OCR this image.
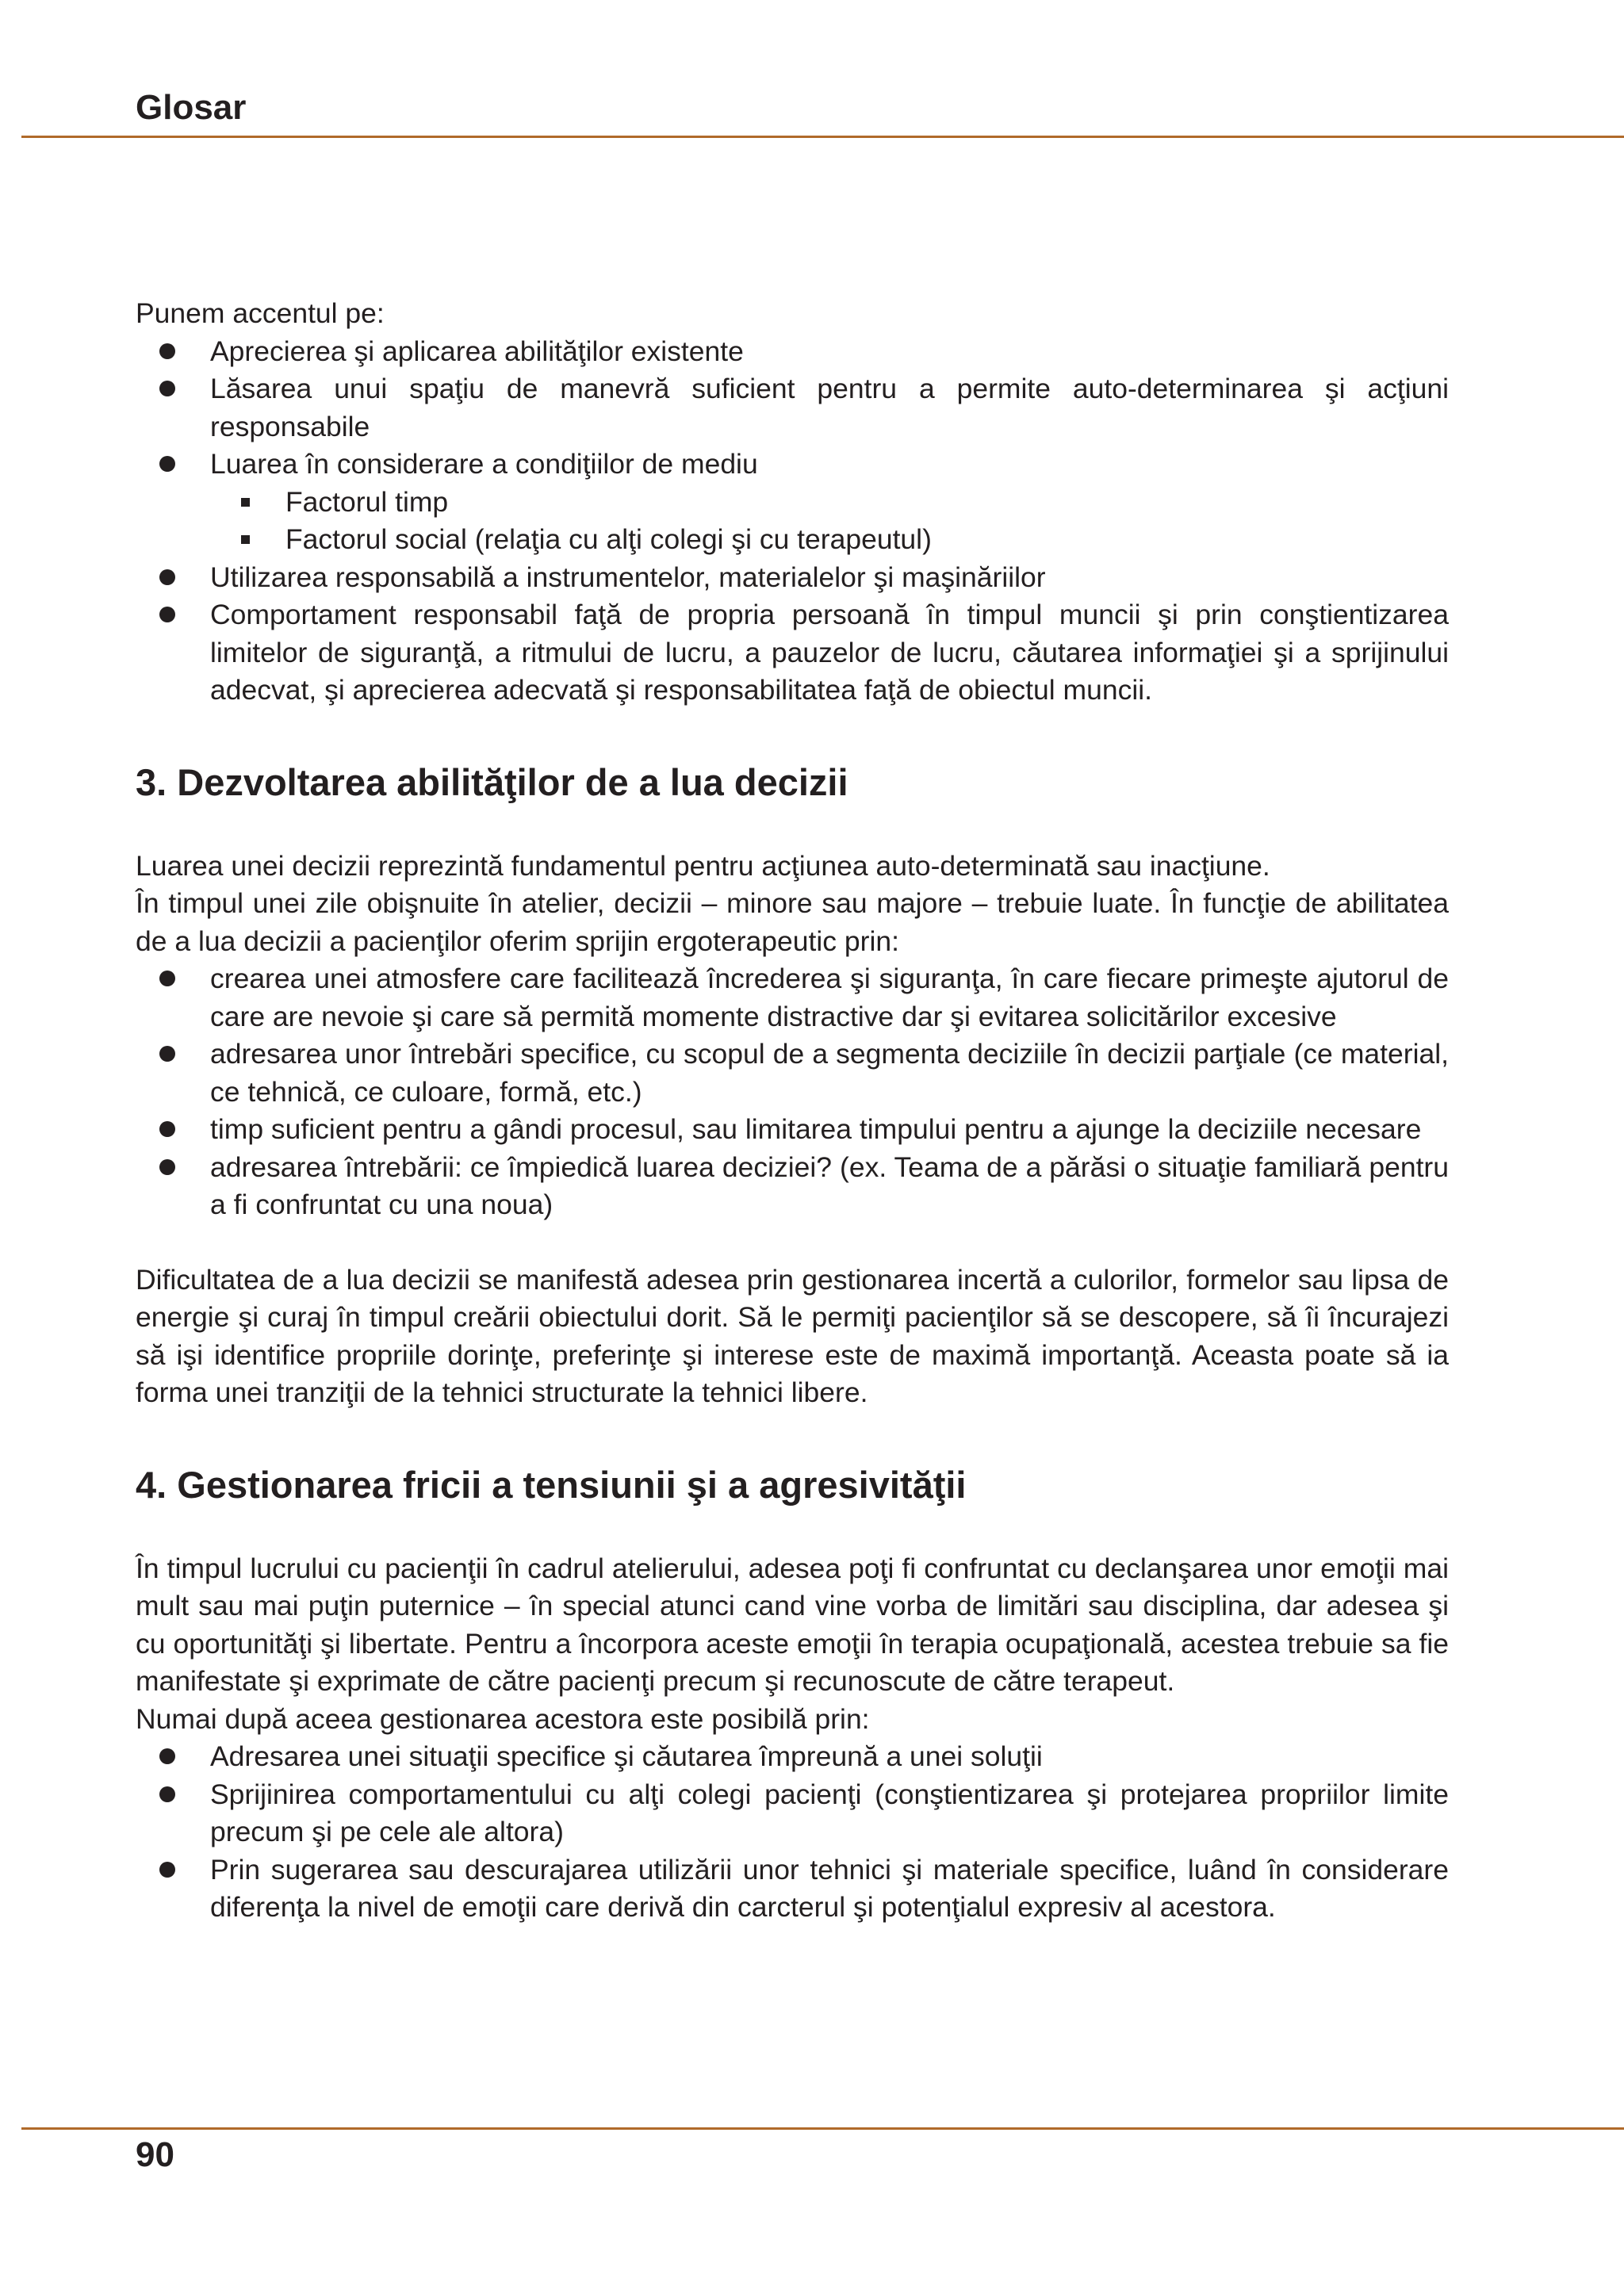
Glosar

Punem accentul pe:

Aprecierea şi aplicarea abilităţilor existente
Lăsarea unui spaţiu de manevră suficient pentru a permite auto-determinarea şi acţiuni responsabile
Luarea în considerare a condiţiilor de mediu
Factorul timp
Factorul social (relaţia cu alţi colegi şi cu terapeutul)
Utilizarea responsabilă a instrumentelor, materialelor şi maşinăriilor
Comportament responsabil faţă de propria persoană în timpul muncii şi prin conştientizarea limitelor de siguranţă, a ritmului de lucru, a pauzelor de lucru, căutarea informaţiei şi a sprijinului adecvat, şi aprecierea adecvată şi responsabilitatea faţă de obiectul muncii.
3. Dezvoltarea abilităţilor de a lua decizii

Luarea unei decizii reprezintă fundamentul pentru acţiunea auto-determinată sau inacţiune.

În timpul unei zile obişnuite în atelier, decizii – minore sau majore – trebuie luate. În funcţie de abilitatea de a lua decizii a pacienţilor oferim sprijin ergoterapeutic prin:

crearea unei atmosfere care facilitează încrederea şi siguranţa, în care fiecare primeşte ajutorul de care are nevoie şi care să permită momente distractive dar şi evitarea solicitărilor excesive
adresarea unor întrebări specifice, cu scopul de a segmenta deciziile în decizii parţiale (ce material, ce tehnică, ce culoare, formă, etc.)
timp suficient pentru a gândi procesul, sau limitarea timpului pentru a ajunge la deciziile necesare
adresarea întrebării: ce împiedică luarea deciziei? (ex. Teama de a părăsi o situaţie familiară pentru a fi confruntat cu una noua)

Dificultatea de a lua decizii se manifestă adesea prin gestionarea incertă a culorilor, formelor sau lipsa de energie şi curaj în timpul creării obiectului dorit. Să le permiţi pacienţilor să se descopere, să îi încurajezi să işi identifice propriile dorinţe, preferinţe şi interese este de maximă importanţă. Aceasta poate să ia forma unei tranziţii de la tehnici structurate la tehnici libere.

4. Gestionarea fricii a tensiunii şi a agresivităţii

În timpul lucrului cu pacienţii în cadrul atelierului, adesea poţi fi confruntat cu declanşarea unor emoţii mai mult sau mai puţin puternice – în special atunci cand vine vorba de limitări sau disciplina, dar adesea şi cu oportunităţi şi libertate. Pentru a încorpora aceste emoţii în terapia ocupaţională, acestea trebuie sa fie manifestate şi exprimate de către pacienţi precum şi recunoscute de către terapeut.

Numai după aceea gestionarea acestora este posibilă prin:

Adresarea unei situaţii specifice şi căutarea împreună a unei soluţii
Sprijinirea comportamentului cu alţi colegi pacienţi (conştientizarea şi protejarea propriilor limite precum şi pe cele ale altora)
Prin sugerarea sau descurajarea utilizării unor tehnici şi materiale specifice, luând în considerare diferenţa la nivel de emoţii care derivă din carcterul şi potenţialul expresiv al acestora.
90
